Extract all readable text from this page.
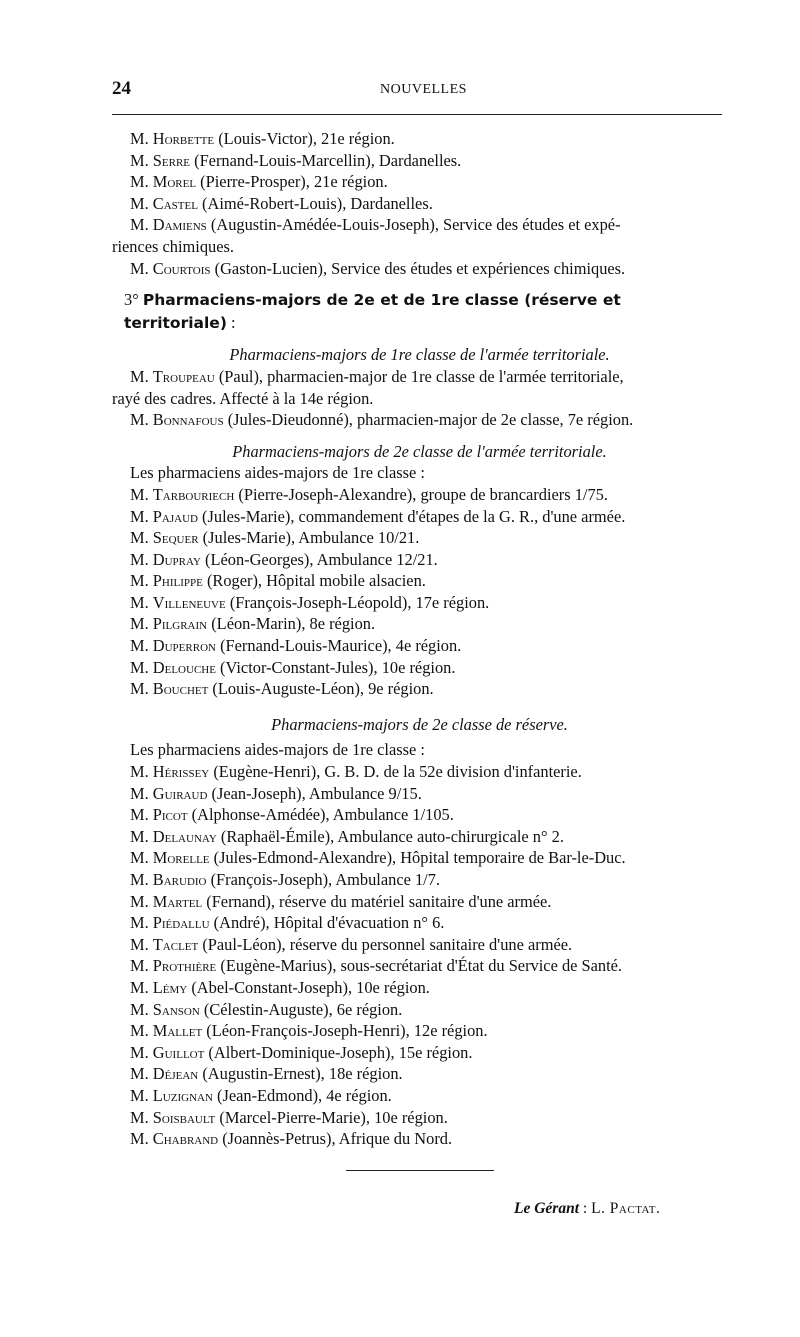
24	NOUVELLES
M. Horbette (Louis-Victor), 21e région.
M. Serre (Fernand-Louis-Marcellin), Dardanelles.
M. Morel (Pierre-Prosper), 21e région.
M. Castel (Aimé-Robert-Louis), Dardanelles.
M. Damiens (Augustin-Amédée-Louis-Joseph), Service des études et expé-
riences chimiques.
M. Courtois (Gaston-Lucien), Service des études et expériences chimiques.
3° Pharmaciens-majors de 2e et de 1re classe (réserve et territoriale) :
Pharmaciens-majors de 1re classe de l'armée territoriale.
M. Troupeau (Paul), pharmacien-major de 1re classe de l'armée territoriale,
rayé des cadres. Affecté à la 14e région.
M. Bonnafous (Jules-Dieudonné), pharmacien-major de 2e classe, 7e région.
Pharmaciens-majors de 2e classe de l'armée territoriale.
Les pharmaciens aides-majors de 1re classe :
M. Tarbouriech (Pierre-Joseph-Alexandre), groupe de brancardiers 1/75.
M. Pajaud (Jules-Marie), commandement d'étapes de la G. R., d'une armée.
M. Sequer (Jules-Marie), Ambulance 10/21.
M. Dupray (Léon-Georges), Ambulance 12/21.
M. Philippe (Roger), Hôpital mobile alsacien.
M. Villeneuve (François-Joseph-Léopold), 17e région.
M. Pilgrain (Léon-Marin), 8e région.
M. Duperron (Fernand-Louis-Maurice), 4e région.
M. Delouche (Victor-Constant-Jules), 10e région.
M. Bouchet (Louis-Auguste-Léon), 9e région.
Pharmaciens-majors de 2e classe de réserve.
Les pharmaciens aides-majors de 1re classe :
M. Hérissey (Eugène-Henri), G. B. D. de la 52e division d'infanterie.
M. Guiraud (Jean-Joseph), Ambulance 9/15.
M. Picot (Alphonse-Amédée), Ambulance 1/105.
M. Delaunay (Raphaël-Émile), Ambulance auto-chirurgicale n° 2.
M. Morelle (Jules-Edmond-Alexandre), Hôpital temporaire de Bar-le-Duc.
M. Barudio (François-Joseph), Ambulance 1/7.
M. Martel (Fernand), réserve du matériel sanitaire d'une armée.
M. Piédallu (André), Hôpital d'évacuation n° 6.
M. Taclet (Paul-Léon), réserve du personnel sanitaire d'une armée.
M. Prothière (Eugène-Marius), sous-secrétariat d'État du Service de Santé.
M. Lémy (Abel-Constant-Joseph), 10e région.
M. Sanson (Célestin-Auguste), 6e région.
M. Mallet (Léon-François-Joseph-Henri), 12e région.
M. Guillot (Albert-Dominique-Joseph), 15e région.
M. Déjean (Augustin-Ernest), 18e région.
M. Luzignan (Jean-Edmond), 4e région.
M. Soisbault (Marcel-Pierre-Marie), 10e région.
M. Chabrand (Joannès-Petrus), Afrique du Nord.
Le Gérant : L. Pactat.
